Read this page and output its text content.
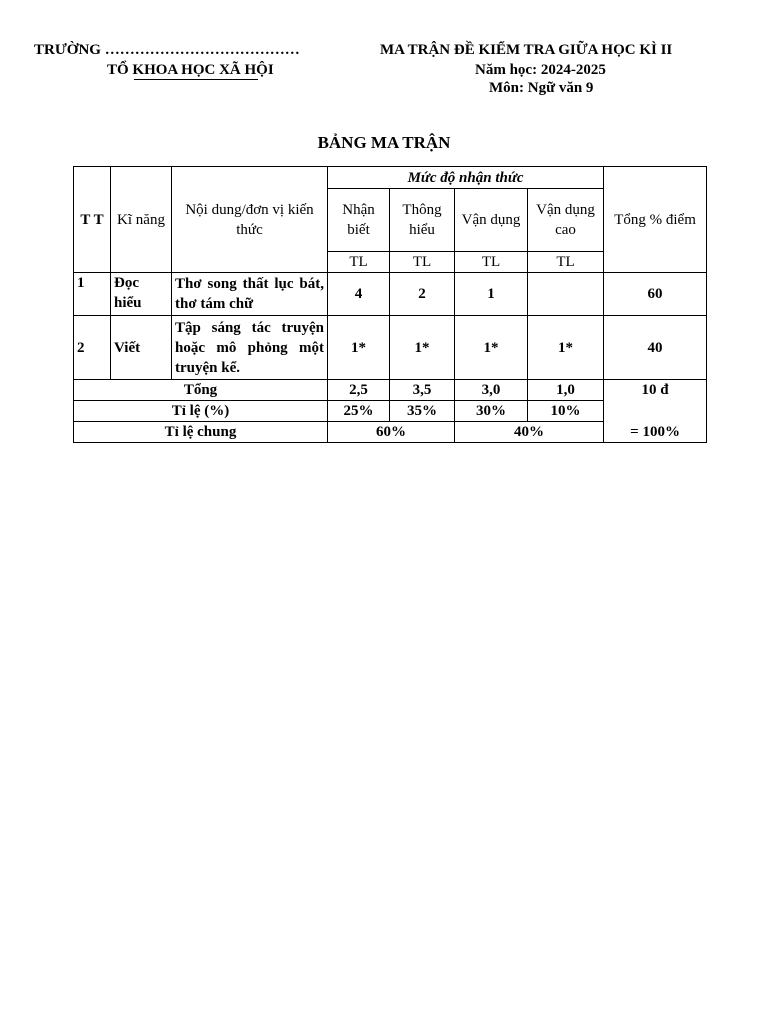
TRƯỜNG …………………………………
TỔ KHOA HỌC XÃ HỘI
MA TRẬN ĐỀ KIỂM TRA GIỮA HỌC KÌ II
Năm học: 2024-2025
Môn: Ngữ văn 9
BẢNG MA TRẬN
T T	Kĩ năng	Nội dung/đơn vị kiến thức	Mức độ nhận thức				Tổng % điểm
			Nhận biết	Thông hiểu	Vận dụng	Vận dụng cao	
			TL	TL	TL	TL	
1	Đọc hiểu	Thơ song thất lục bát, thơ tám chữ	4	2	1		60
2	Viết	Tập sáng tác truyện hoặc mô phỏng một truyện kể.	1*	1*	1*	1*	40
Tổng			2,5	3,5	3,0	1,0	10 đ
Tỉ lệ (%)			25%	35%	30%	10%	= 100%
Tỉ lệ chung			60%		40%		
